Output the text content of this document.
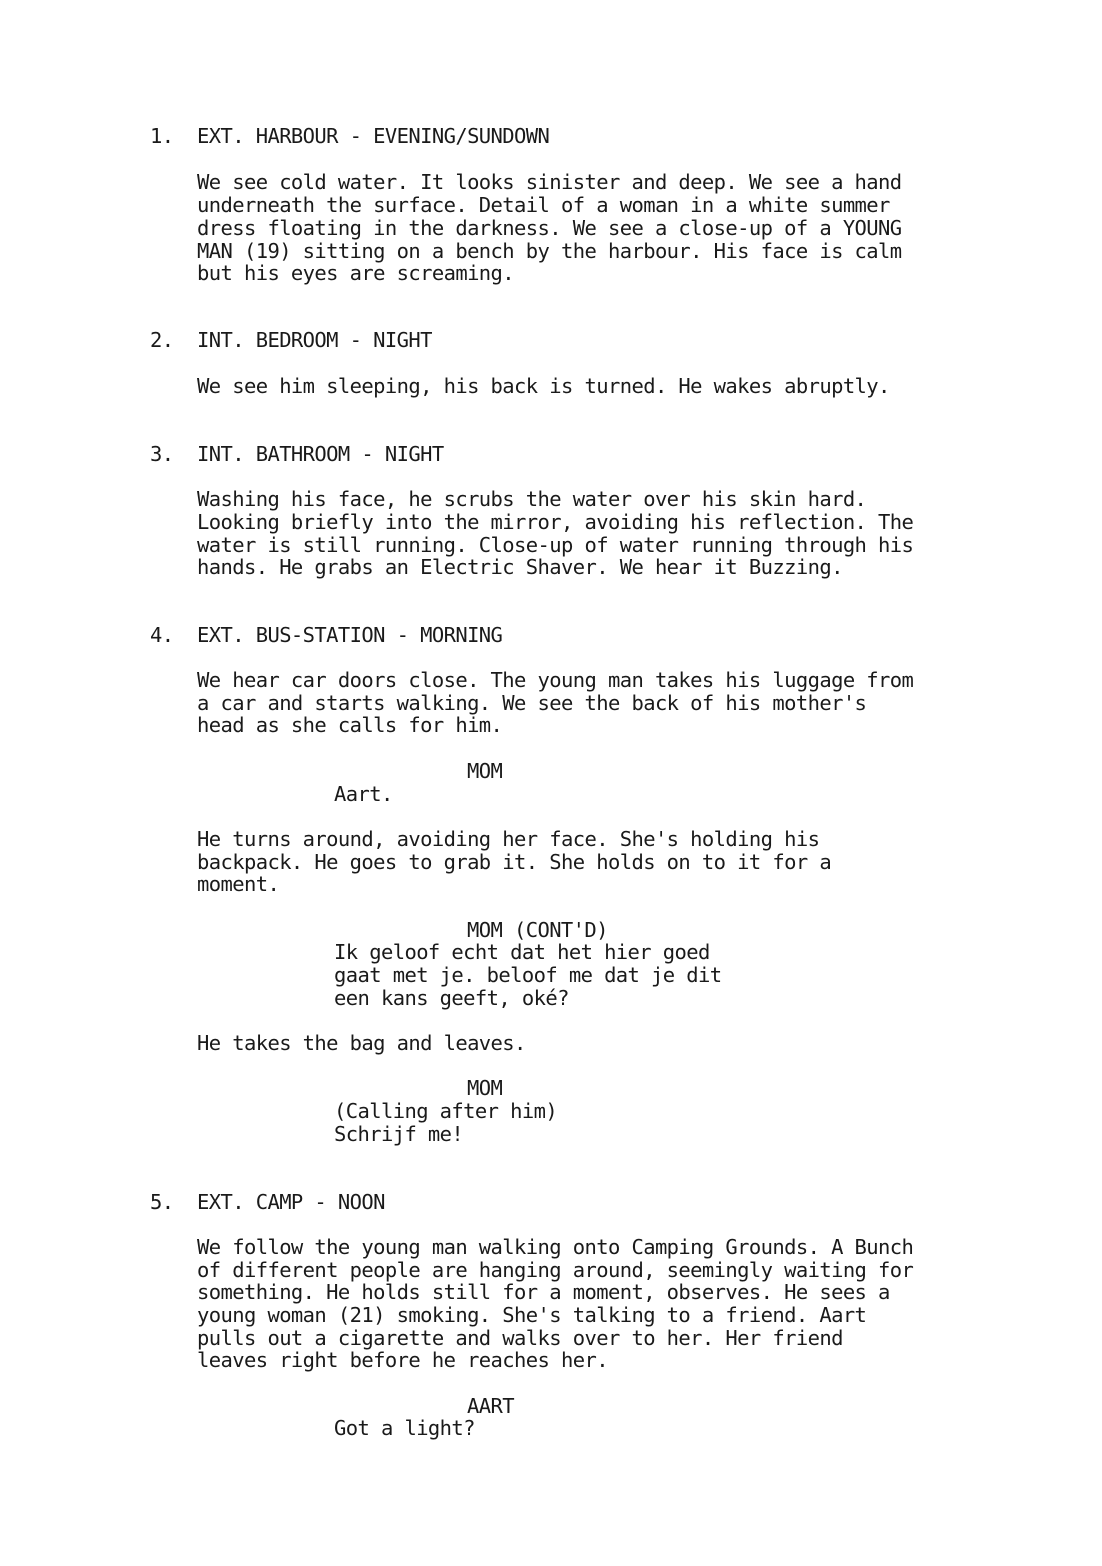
1. EXT. HARBOUR - EVENING/SUNDOWN
We see cold water. It looks sinister and deep. We see a hand
underneath the surface. Detail of a woman in a white summer
dress floating in the darkness. We see a close-up of a YOUNG
MAN (19) sitting on a bench by the harbour. His face is calm
but his eyes are screaming.
2. INT. BEDROOM - NIGHT
We see him sleeping, his back is turned. He wakes abruptly.
3. INT. BATHROOM - NIGHT
Washing his face, he scrubs the water over his skin hard.
Looking briefly into the mirror, avoiding his reflection. The
water is still running. Close-up of water running through his
hands. He grabs an Electric Shaver. We hear it Buzzing.
4. EXT. BUS-STATION - MORNING
We hear car doors close. The young man takes his luggage from
a car and starts walking. We see the back of his mother's
head as she calls for him.
MOM
Aart.
He turns around, avoiding her face. She's holding his
backpack. He goes to grab it. She holds on to it for a
moment.
MOM (CONT'D)
Ik geloof echt dat het hier goed
gaat met je. beloof me dat je dit
een kans geeft, oké?
He takes the bag and leaves.
MOM
(Calling after him)
Schrijf me!
5. EXT. CAMP - NOON
We follow the young man walking onto Camping Grounds. A Bunch
of different people are hanging around, seemingly waiting for
something. He holds still for a moment, observes. He sees a
young woman (21) smoking. She's talking to a friend. Aart
pulls out a cigarette and walks over to her. Her friend
leaves right before he reaches her.
AART
Got a light?
